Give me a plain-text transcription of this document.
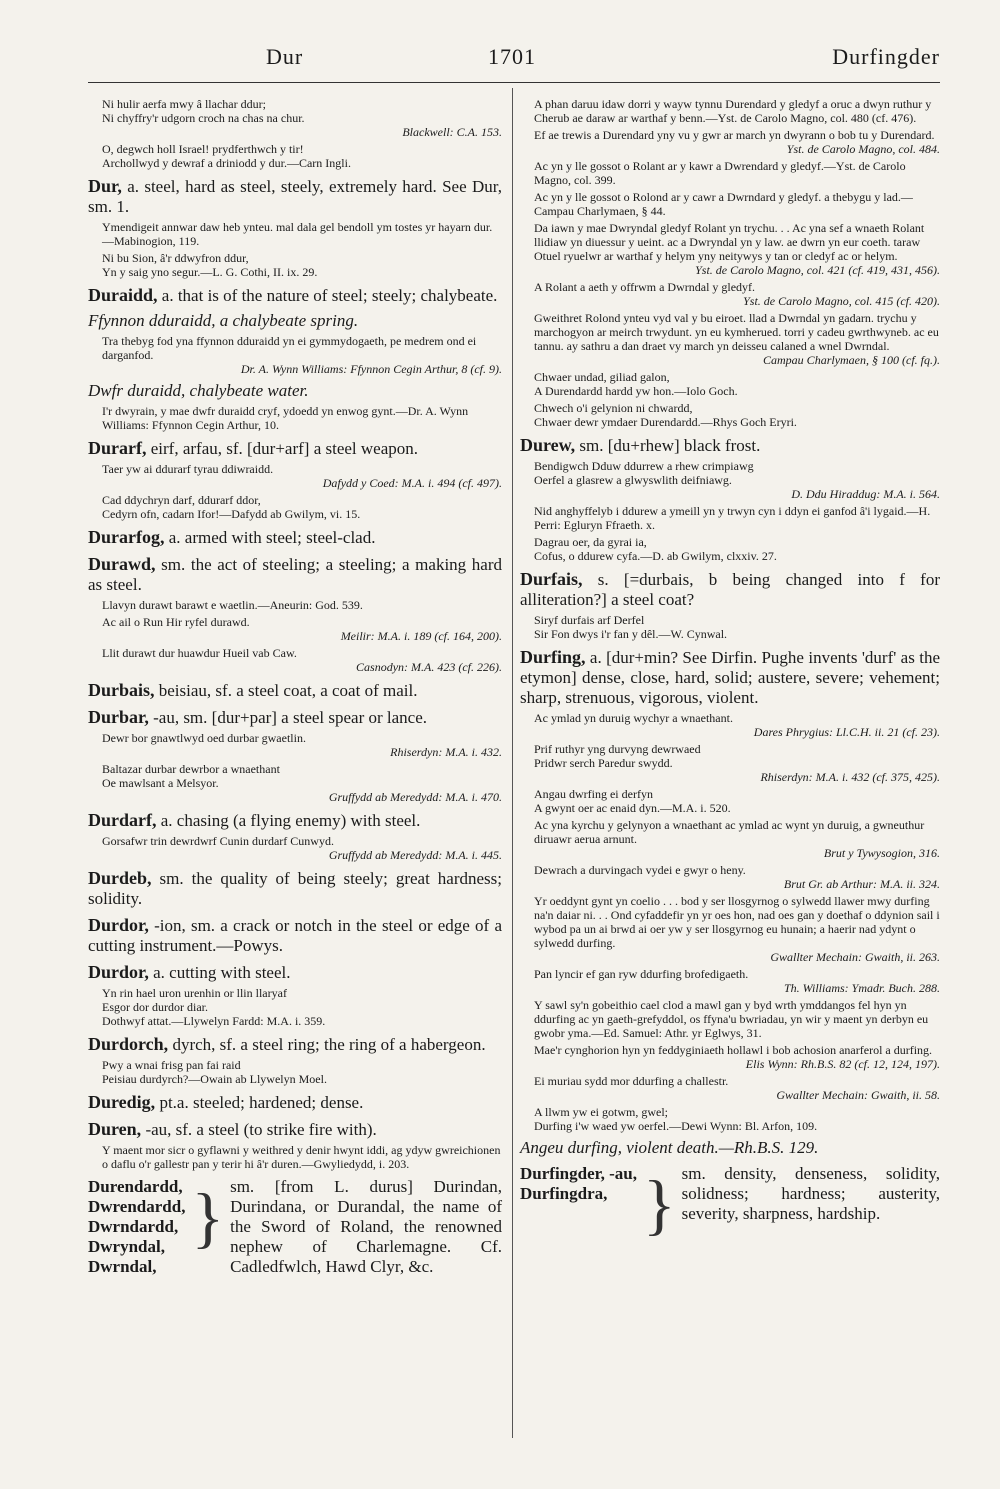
Dur	1701	Durfingder
Ni hulir aerfa mwy â llachar ddur;
Ni chyffry'r udgorn croch na chas na chur.
Blackwell: C.A. 153.
O, degwch holl Israel! prydferthwch y tir!
Archollwyd y dewraf a driniodd y dur.—Carn Ingli.
Dur, a. steel, hard as steel, steely, extremely hard. See Dur, sm. 1.
Ymendigeit annwar daw heb ynteu. mal dala gel bendoll ym tostes yr hayarn dur.—Mabinogion, 119.
Ni bu Sion, â'r ddwyfron ddur,
Yn y saig yno segur.—L. G. Cothi, II. ix. 29.
Duraidd, a. that is of the nature of steel; steely; chalybeate.
Ffynnon dduraidd, a chalybeate spring.
Tra thebyg fod yna ffynnon dduraidd yn ei gymmydogaeth, pe medrem ond ei darganfod.
Dr. A. Wynn Williams: Ffynnon Cegin Arthur, 8 (cf. 9).
Dwfr duraidd, chalybeate water.
I'r dwyrain, y mae dwfr duraidd cryf, ydoedd yn enwog gynt.—Dr. A. Wynn Williams: Ffynnon Cegin Arthur, 10.
Durarf, eirf, arfau, sf. [dur+arf] a steel weapon.
Taer yw ai ddurarf tyrau ddiwraidd.
Dafydd y Coed: M.A. i. 494 (cf. 497).
Cad ddychryn darf, ddurarf ddor,
Cedyrn ofn, cadarn Ifor!—Dafydd ab Gwilym, vi. 15.
Durarfog, a. armed with steel; steel-clad.
Durawd, sm. the act of steeling; a steeling; a making hard as steel.
Llavyn durawt barawt e waetlin.—Aneurin: God. 539.
Ac ail o Run Hir ryfel durawd.
Meilir: M.A. i. 189 (cf. 164, 200).
Llit durawt dur huawdur Hueil vab Caw.
Casnodyn: M.A. 423 (cf. 226).
Durbais, beisiau, sf. a steel coat, a coat of mail.
Durbar, -au, sm. [dur+par] a steel spear or lance.
Dewr bor gnawtlwyd oed durbar gwaetlin.
Rhiserdyn: M.A. i. 432.
Baltazar durbar dewrbor a wnaethant
Oe mawlsant a Melsyor.
Gruffydd ab Meredydd: M.A. i. 470.
Durdarf, a. chasing (a flying enemy) with steel.
Gorsafwr trin dewrdwrf Cunin durdarf Cunwyd.
Gruffydd ab Meredydd: M.A. i. 445.
Durdeb, sm. the quality of being steely; great hardness; solidity.
Durdor, -ion, sm. a crack or notch in the steel or edge of a cutting instrument.—Powys.
Durdor, a. cutting with steel.
Yn rin hael uron urenhin or llin llaryaf
Esgor dor durdor diar.
Dothwyf attat.—Llywelyn Fardd: M.A. i. 359.
Durdorch, dyrch, sf. a steel ring; the ring of a habergeon.
Pwy a wnai frisg pan fai raid
Peisiau durdyrch?—Owain ab Llywelyn Moel.
Duredig, pt.a. steeled; hardened; dense.
Duren, -au, sf. a steel (to strike fire with).
Y maent mor sicr o gyflawni y weithred y denir hwynt iddi, ag ydyw gwreichionen o daflu o'r gallestr pan y terir hi â'r duren.—Gwyliedydd, i. 203.
Durendardd,
Dwrendardd,
Dwrndardd,
Dwryndal,
Dwrndal,
} sm. [from L. durus] Durindan, Durindana, or Durandal, the name of the Sword of Roland, the renowned nephew of Charlemagne. Cf. Cadledfwlch, Hawd Clyr, &c.
A phan daruu idaw dorri y wayw tynnu Durendard y gledyf a oruc a dwyn ruthur y Cherub ae daraw ar warthaf y benn.—Yst. de Carolo Magno, col. 480 (cf. 476).
Ef ae trewis a Durendard yny vu y gwr ar march yn dwyrann o bob tu y Durendard.
Yst. de Carolo Magno, col. 484.
Ac yn y lle gossot o Rolant ar y kawr a Dwrendard y gledyf.—Yst. de Carolo Magno, col. 399.
Ac yn y lle gossot o Rolond ar y cawr a Dwrndard y gledyf. a thebygu y lad.—Campau Charlymaen, § 44.
Da iawn y mae Dwryndal gledyf Rolant yn trychu. . . Ac yna sef a wnaeth Rolant llidiaw yn diuessur y ueint. ac a Dwryndal yn y law. ae dwrn yn eur coeth. taraw Otuel ryuelwr ar warthaf y helym yny neitywys y tan or cledyf ac or helym.
Yst. de Carolo Magno, col. 421 (cf. 419, 431, 456).
A Rolant a aeth y offrwm a Dwrndal y gledyf.
Yst. de Carolo Magno, col. 415 (cf. 420).
Gweithret Rolond ynteu vyd val y bu eiroet. llad a Dwrndal yn gadarn. trychu y marchogyon ar meirch trwydunt. yn eu kymherued. torri y cadeu gwrthwyneb. ac eu tannu. ay sathru a dan draet vy march yn deisseu calaned a wnel Dwrndal.
Campau Charlymaen, § 100 (cf. fq.).
Chwaer undad, giliad galon,
A Durendardd hardd yw hon.—Iolo Goch.
Chwech o'i gelynion ni chwardd,
Chwaer dewr ymdaer Durendardd.—Rhys Goch Eryri.
Durew, sm. [du+rhew] black frost.
Bendigwch Dduw ddurrew a rhew crimpiawg
Oerfel a glasrew a glwyswlith deifniawg.
D. Ddu Hiraddug: M.A. i. 564.
Nid anghyffelyb i ddurew a ymeill yn y trwyn cyn i ddyn ei ganfod â'i lygaid.—H. Perri: Egluryn Ffraeth. x.
Dagrau oer, da gyrai ia,
Cofus, o ddurew cyfa.—D. ab Gwilym, clxxiv. 27.
Durfais, s. [=durbais, b being changed into f for alliteration?] a steel coat?
Siryf durfais arf Derfel
Sir Fon dwys i'r fan y dêl.—W. Cynwal.
Durfing, a. [dur+min? See Dirfin. Pughe invents 'durf' as the etymon] dense, close, hard, solid; austere, severe; vehement; sharp, strenuous, vigorous, violent.
Ac ymlad yn duruig wychyr a wnaethant.
Dares Phrygius: Ll.C.H. ii. 21 (cf. 23).
Prif ruthyr yng durvyng dewrwaed
Pridwr serch Paredur swydd.
Rhiserdyn: M.A. i. 432 (cf. 375, 425).
Angau dwrfing ei derfyn
A gwynt oer ac enaid dyn.—M.A. i. 520.
Ac yna kyrchu y gelynyon a wnaethant ac ymlad ac wynt yn duruig, a gwneuthur diruawr aerua arnunt.
Brut y Tywysogion, 316.
Dewrach a durvingach vydei e gwyr o heny.
Brut Gr. ab Arthur: M.A. ii. 324.
Yr oeddynt gynt yn coelio . . . bod y ser llosgyrnog o sylwedd llawer mwy durfing na'n daiar ni. . . Ond cyfaddefir yn yr oes hon, nad oes gan y doethaf o ddynion sail i wybod pa un ai brwd ai oer yw y ser llosgyrnog eu hunain; a haerir nad ydynt o sylwedd durfing.
Gwallter Mechain: Gwaith, ii. 263.
Pan lyncir ef gan ryw ddurfing brofedigaeth.
Th. Williams: Ymadr. Buch. 288.
Y sawl sy'n gobeithio cael clod a mawl gan y byd wrth ymddangos fel hyn yn ddurfing ac yn gaeth-grefyddol, os ffyna'u bwriadau, yn wir y maent yn derbyn eu gwobr yma.—Ed. Samuel: Athr. yr Eglwys, 31.
Mae'r cynghorion hyn yn feddyginiaeth hollawl i bob achosion anarferol a durfing.
Elis Wynn: Rh.B.S. 82 (cf. 12, 124, 197).
Ei muriau sydd mor ddurfing a challestr.
Gwallter Mechain: Gwaith, ii. 58.
A llwm yw ei gotwm, gwel;
Durfing i'w waed yw oerfel.—Dewi Wynn: Bl. Arfon, 109.
Angeu durfing, violent death.—Rh.B.S. 129.
Durfingder, -au,
Durfingdra, } sm. density, denseness, solidity, solidness; hardness; austerity, severity, sharpness, hardship.
